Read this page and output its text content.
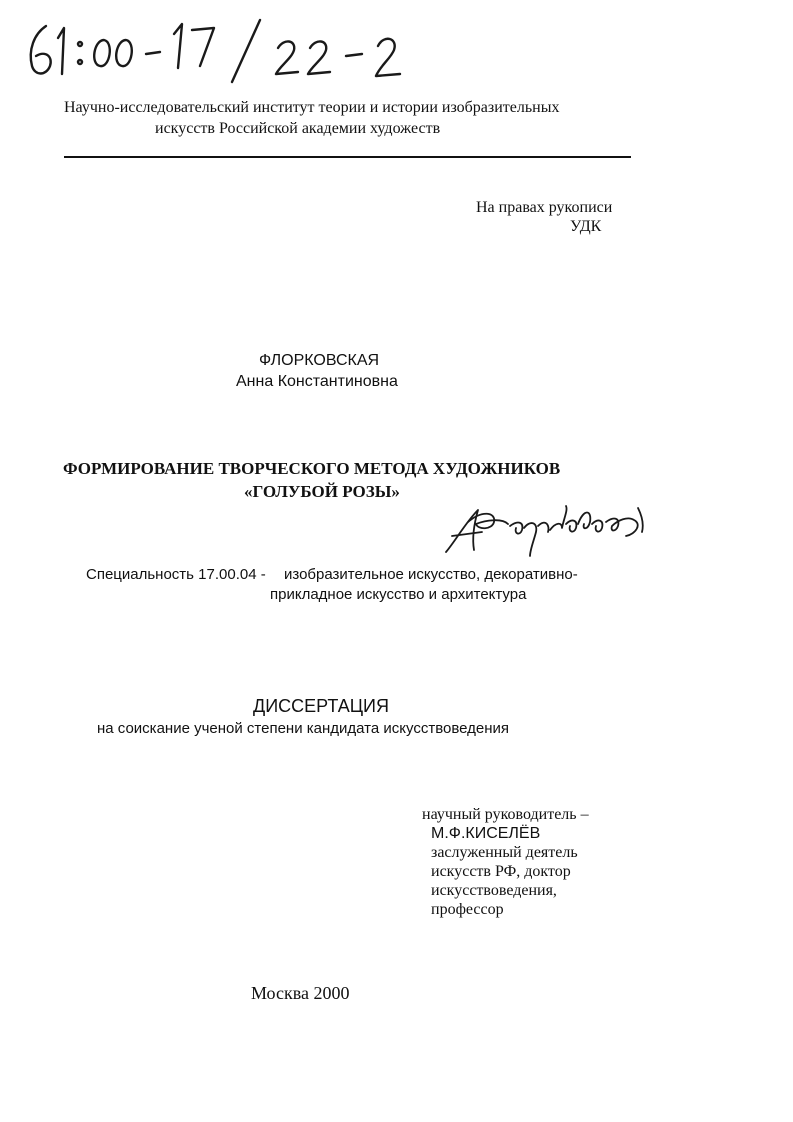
Научно-исследовательский институт теории и истории изобразительных
искусств Российской академии художеств
На правах рукописи
УДК
ФЛОРКОВСКАЯ
Анна Константиновна
ФОРМИРОВАНИЕ ТВОРЧЕСКОГО МЕТОДА ХУДОЖНИКОВ
«ГОЛУБОЙ РОЗЫ»
Специальность 17.00.04 - изобразительное искусство, декоративно-
прикладное искусство и архитектура
ДИССЕРТАЦИЯ
на соискание ученой степени кандидата искусствоведения
научный руководитель –
М.Ф.КИСЕЛЁВ
заслуженный деятель
искусств РФ, доктор
искусствоведения,
профессор
Москва 2000
